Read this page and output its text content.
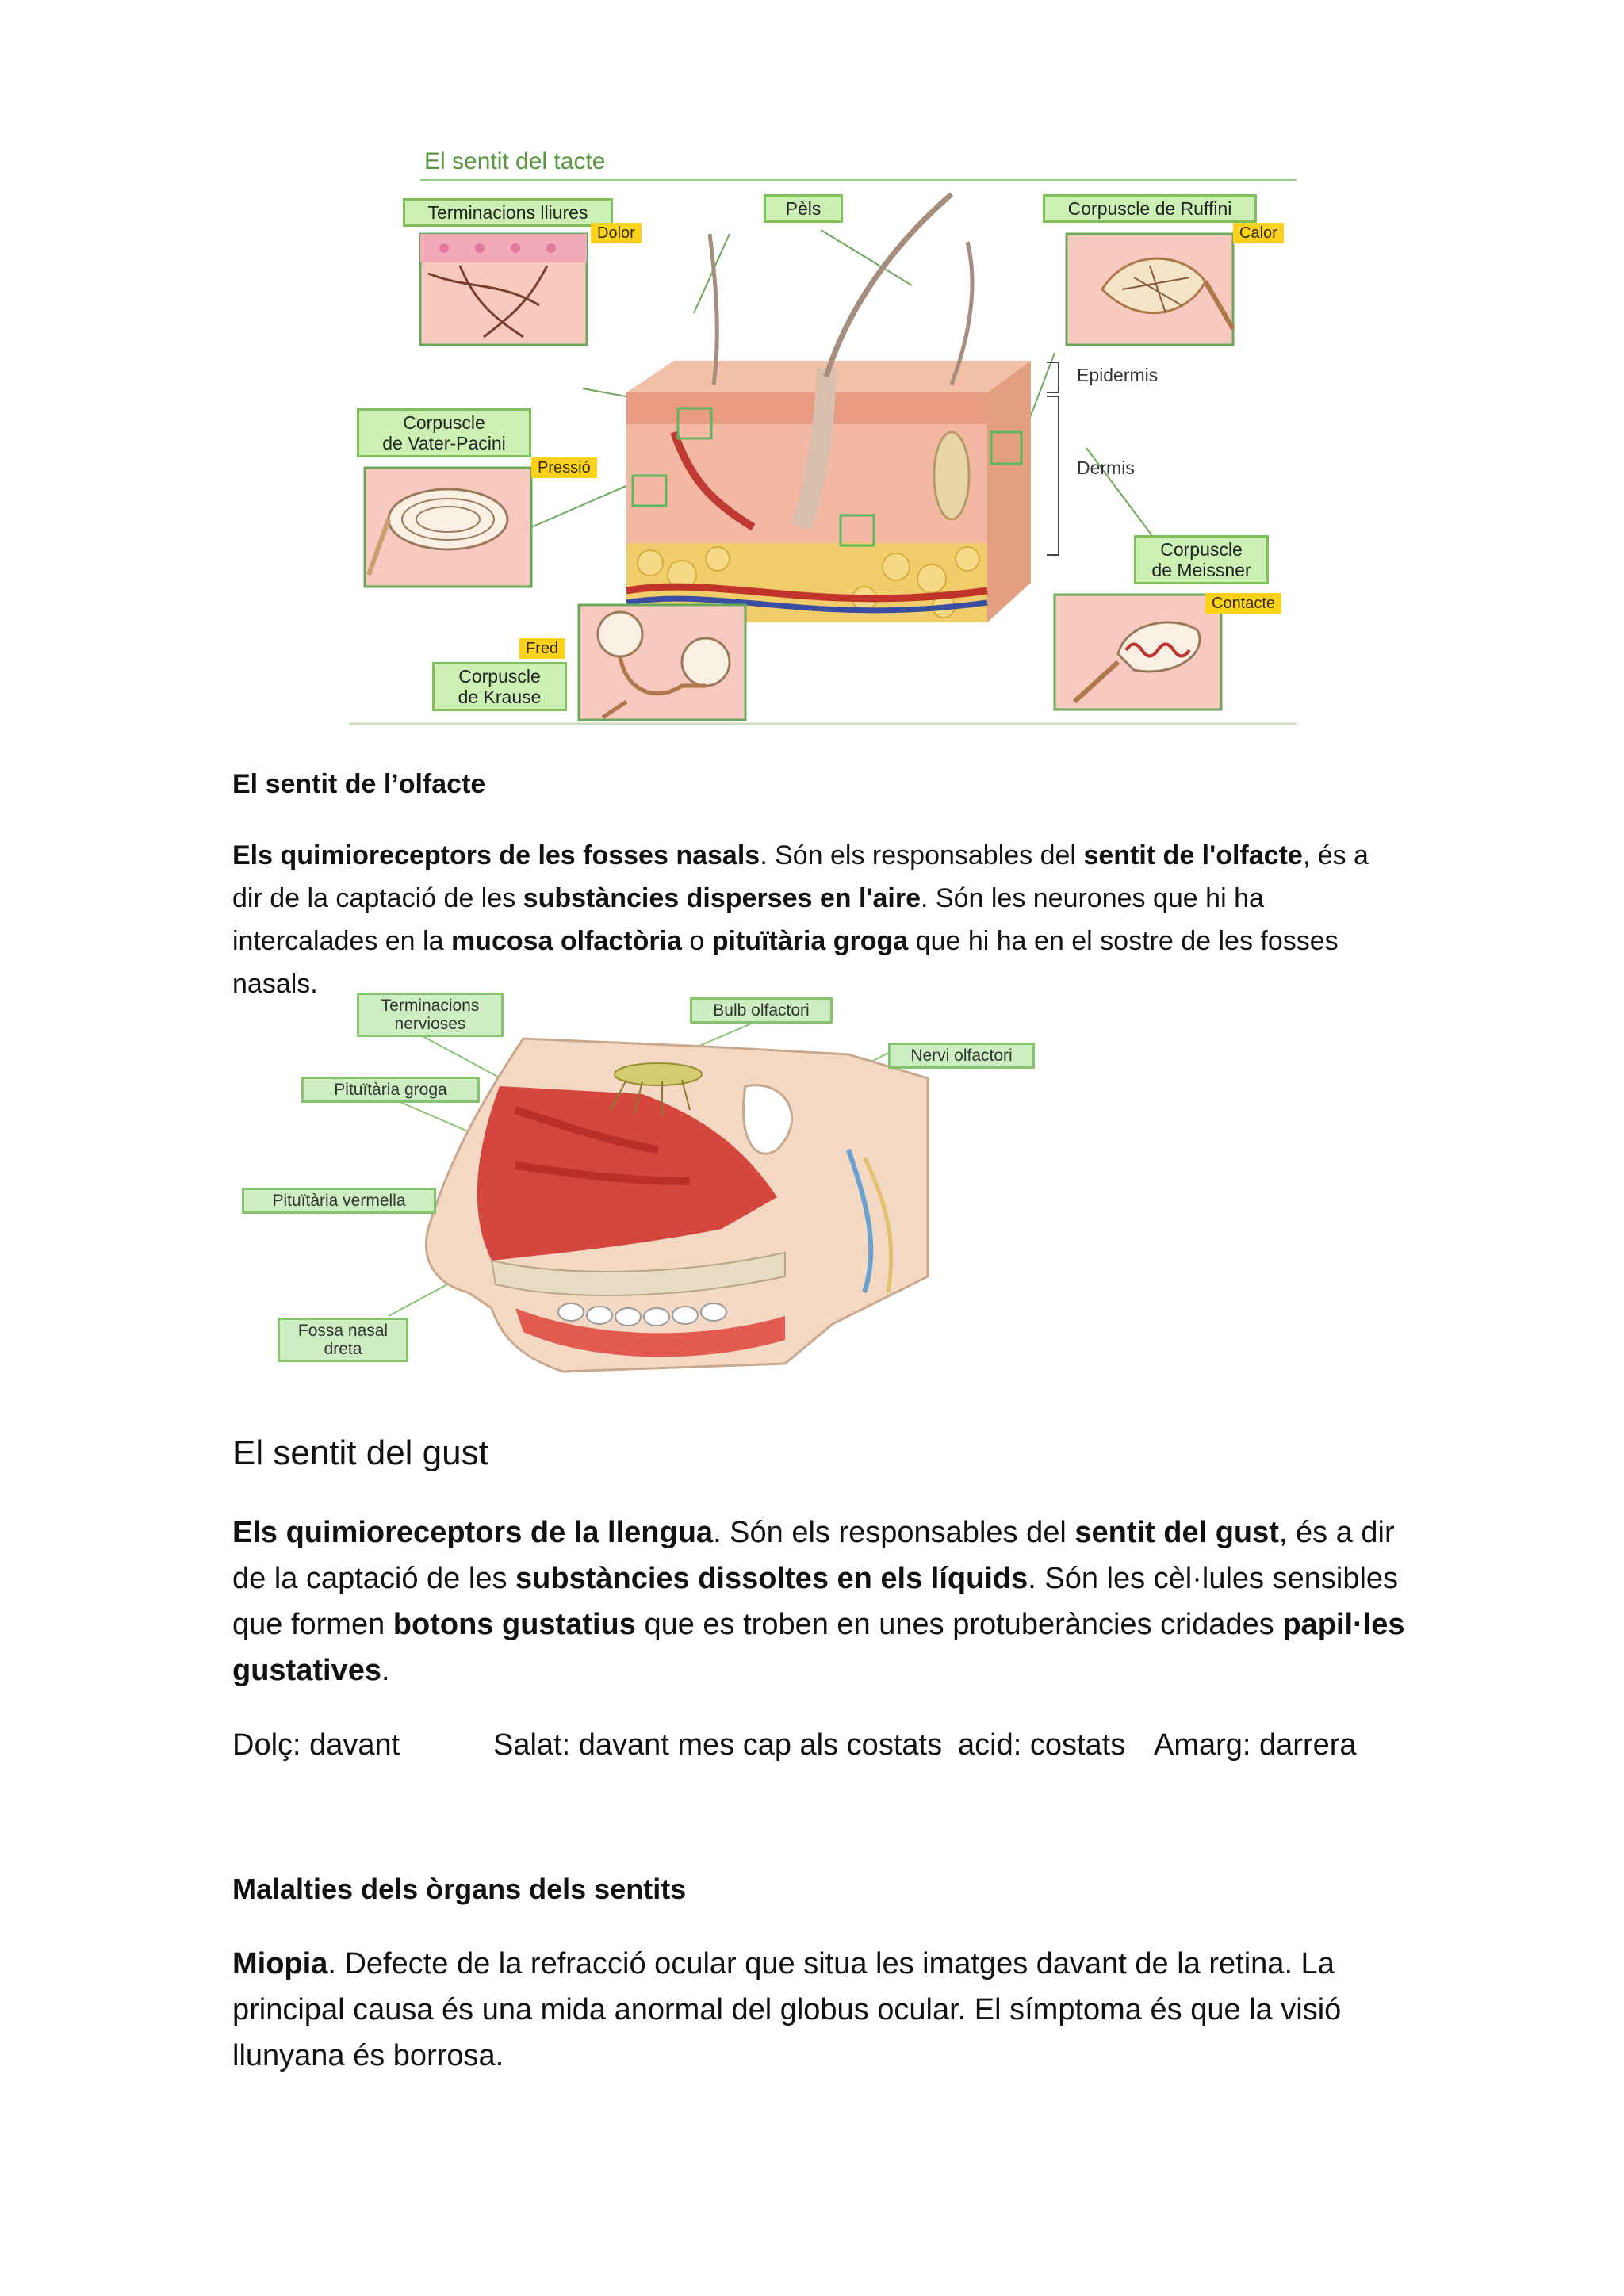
El sentit del tacte
Terminacions lliures
Dolor
Pèls	Corpuscle de Ruffini
Calor
Epidermis
Dermis
Corpuscle
de Vater-Pacini
Pressió
Corpuscle
de Meissner
Contacte
Fred
Corpuscle
de Krause
El sentit de l’olfacte
Els quimioreceptors de les fosses nasals. Són els responsables del sentit de l'olfacte, és a dir de la captació de les substàncies disperses en l'aire. Són les neurones que hi ha intercalades en la mucosa olfactòria o pituïtària groga que hi ha en el sostre de les fosses nasals.
Terminacions
nervioses
Bulb olfactori
Nervi olfactori
Pituïtària groga
Pituïtària vermella
Fossa nasal
dreta
El sentit del gust
Els quimioreceptors de la llengua. Són els responsables del sentit del gust, és a dir de la captació de les substàncies dissoltes en els líquids. Són les cèl·lules sensibles que formen botons gustatius que es troben en unes protuberàncies cridades papil·les gustatives.
Dolç: davant	Salat: davant mes cap als costats acid: costats Amarg: darrera
Malalties dels òrgans dels sentits
Miopia. Defecte de la refracció ocular que situa les imatges davant de la retina. La principal causa és una mida anormal del globus ocular. El símptoma és que la visió llunyana és borrosa.
